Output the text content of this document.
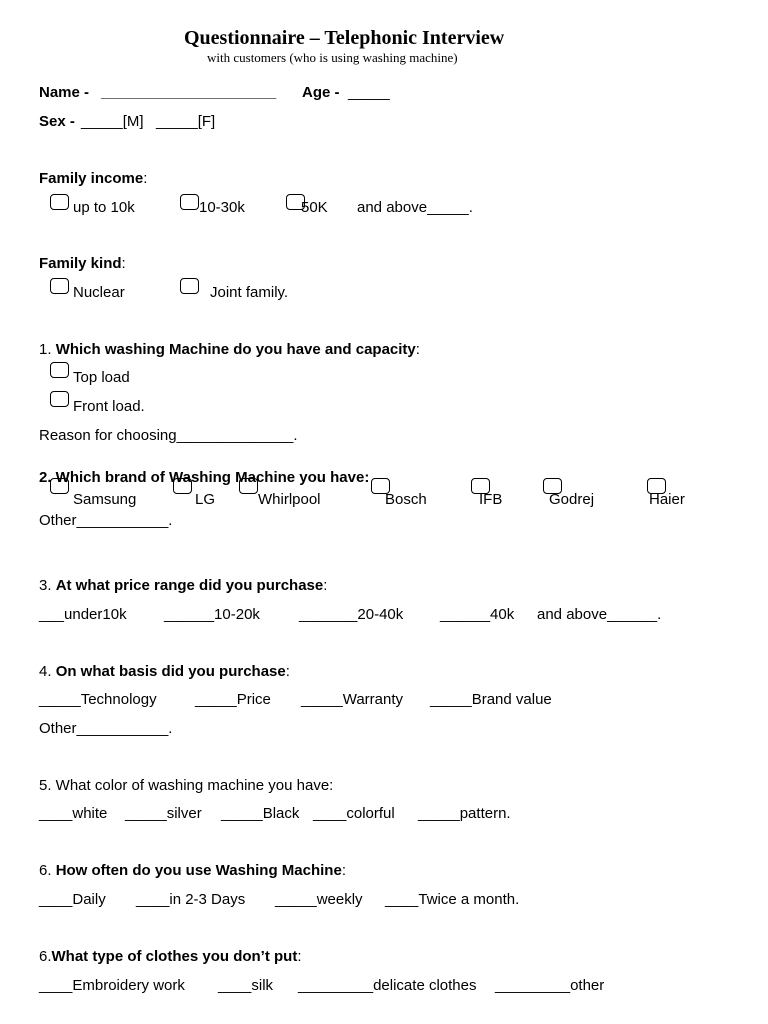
Questionnaire – Telephonic Interview
with customers (who is using washing machine)
Name - _____________________ Age - _____
Sex - _____[M] _____[F]
Family income:
up to 10k	10-30k	50K and above_____.
Family kind:
Nuclear	Joint family.
1. Which washing Machine do you have and capacity:
Top load
Front load.
Reason for choosing______________.
2. Which brand of Washing Machine you have:
Samsung	LG	Whirlpool	Bosch	IFB	Godrej	Haier
Other___________.
3. At what price range did you purchase:
___under10k ______10-20k	_______20-40k ______40k and above______.
4. On what basis did you purchase:
_____Technology	_____Price _____Warranty _____Brand value
Other___________.
5. What color of washing machine you have:
____white _____silver _____Black ____colorful _____pattern.
6. How often do you use Washing Machine:
____Daily ____in 2-3 Days _____weekly ____Twice a month.
6.What type of clothes you don’t put:
____Embroidery work ____silk _________delicate clothes _________other
